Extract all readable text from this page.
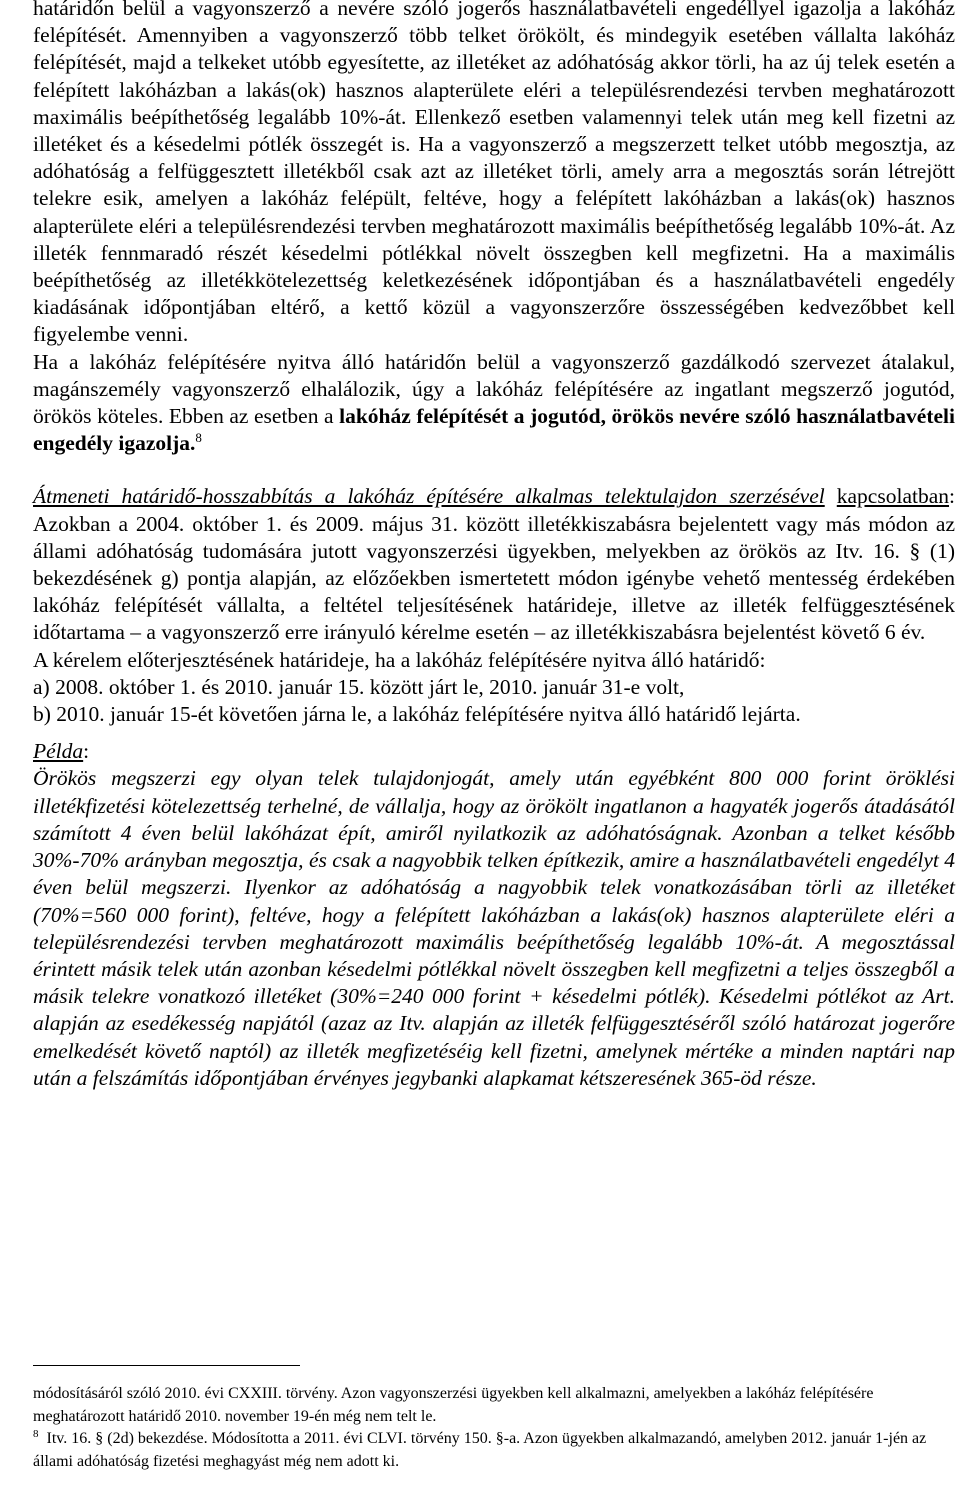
határidőn belül a vagyonszerző a nevére szóló jogerős használatbavételi engedéllyel igazolja a lakóház felépítését. Amennyiben a vagyonszerző több telket örökölt, és mindegyik esetében vállalta lakóház felépítését, majd a telkeket utóbb egyesítette, az illetéket az adóhatóság akkor törli, ha az új telek esetén a felépített lakóházban a lakás(ok) hasznos alapterülete eléri a településrendezési tervben meghatározott maximális beépíthetőség legalább 10%-át. Ellenkező esetben valamennyi telek után meg kell fizetni az illetéket és a késedelmi pótlék összegét is. Ha a vagyonszerző a megszerzett telket utóbb megosztja, az adóhatóság a felfüggesztett illetékből csak azt az illetéket törli, amely arra a megosztás során létrejött telekre esik, amelyen a lakóház felépült, feltéve, hogy a felépített lakóházban a lakás(ok) hasznos alapterülete eléri a településrendezési tervben meghatározott maximális beépíthetőség legalább 10%-át. Az illeték fennmaradó részét késedelmi pótlékkal növelt összegben kell megfizetni. Ha a maximális beépíthetőség az illetékkötelezettség keletkezésének időpontjában és a használatbavételi engedély kiadásának időpontjában eltérő, a kettő közül a vagyonszerzőre összességében kedvezőbbet kell figyelembe venni.

Ha a lakóház felépítésére nyitva álló határidőn belül a vagyonszerző gazdálkodó szervezet átalakul, magánszemély vagyonszerző elhalálozik, úgy a lakóház felépítésére az ingatlant megszerző jogutód, örökös köteles. Ebben az esetben a lakóház felépítését a jogutód, örökös nevére szóló használatbavételi engedély igazolja.$^8$

Átmeneti határidő-hosszabbítás a lakóház építésére alkalmas telektulajdon szerzésével kapcsolatban: Azokban a 2004. október 1. és 2009. május 31. között illetékkiszabásra bejelentett vagy más módon az állami adóhatóság tudomására jutott vagyonszerzési ügyekben, melyekben az örökös az Itv. 16. § (1) bekezdésének g) pontja alapján, az előzőekben ismertetett módon igénybe vehető mentesség érdekében lakóház felépítését vállalta, a feltétel teljesítésének határideje, illetve az illeték felfüggesztésének időtartama – a vagyonszerző erre irányuló kérelme esetén – az illetékkiszabásra bejelentést követő 6 év.

A kérelem előterjesztésének határideje, ha a lakóház felépítésére nyitva álló határidő:

a) 2008. október 1. és 2010. január 15. között járt le, 2010. január 31-e volt,

b) 2010. január 15-ét követően járna le, a lakóház felépítésére nyitva álló határidő lejárta.

Példa:

Örökös megszerzi egy olyan telek tulajdonjogát, amely után egyébként 800 000 forint öröklési illetékfizetési kötelezettség terhelné, de vállalja, hogy az örökölt ingatlanon a hagyaték jogerős átadásától számított 4 éven belül lakóházat épít, amiről nyilatkozik az adóhatóságnak. Azonban a telket később 30%-70% arányban megosztja, és csak a nagyobbik telken építkezik, amire a használatbavételi engedélyt 4 éven belül megszerzi. Ilyenkor az adóhatóság a nagyobbik telek vonatkozásában törli az illetéket (70%=560 000 forint), feltéve, hogy a felépített lakóházban a lakás(ok) hasznos alapterülete eléri a településrendezési tervben meghatározott maximális beépíthetőség legalább 10%-át. A megosztással érintett másik telek után azonban késedelmi pótlékkal növelt összegben kell megfizetni a teljes összegből a másik telekre vonatkozó illetéket (30%=240 000 forint + késedelmi pótlék). Késedelmi pótlékot az Art. alapján az esedékesség napjától (azaz az Itv. alapján az illeték felfüggesztéséről szóló határozat jogerőre emelkedését követő naptól) az illeték megfizetéséig kell fizetni, amelynek mértéke a minden naptári nap után a felszámítás időpontjában érvényes jegybanki alapkamat kétszeresének 365-öd része.

módosításáról szóló 2010. évi CXXIII. törvény. Azon vagyonszerzési ügyekben kell alkalmazni, amelyekben a lakóház felépítésére meghatározott határidő 2010. november 19-én még nem telt le.

$^8$ Itv. 16. § (2d) bekezdése. Módosította a 2011. évi CLVI. törvény 150. §-a. Azon ügyekben alkalmazandó, amelyben 2012. január 1-jén az állami adóhatóság fizetési meghagyást még nem adott ki.
